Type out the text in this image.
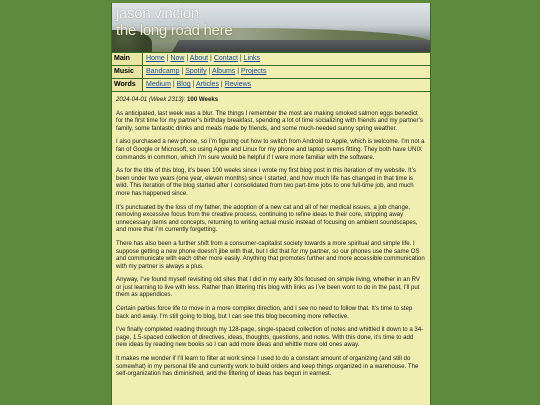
jason vincion
the long road here
Main	Home | Now | About | Contact | Links
Music	Bandcamp | Spotify | Albums | Projects
Words	Medium | Blog | Articles | Reviews

2024-04-01 (Week 2313): 100 Weeks

As anticipated, last week was a blur. The things I remember the most are making smoked salmon eggs benedict for the first time for my partner’s birthday breakfast, spending a lot of time socializing with friends and my partner’s family, some fantastic drinks and meals made by friends, and some much-needed sunny spring weather.

I also purchased a new phone, so I’m figuring out how to switch from Android to Apple, which is welcome. I’m not a fan of Google or Microsoft, so using Apple and Linux for my phone and laptop seems fitting. They both have UNIX commands in common, which I’m sure would be helpful if I were more familiar with the software.

As for the title of this blog, it’s been 100 weeks since I wrote my first blog post in this iteration of my website. It’s been under two years (one year, eleven months) since I started, and how much life has changed in that time is wild. This iteration of the blog started after I consolidated from two part-time jobs to one full-time job, and much more has happened since.

It’s punctuated by the loss of my father, the adoption of a new cat and all of her medical issues, a job change, removing excessive focus from the creative process, continuing to refine ideas to their core, stripping away unnecessary items and concepts, returning to writing actual music instead of focusing on ambient soundscapes, and more that I’m currently forgetting.

There has also been a further shift from a consumer-capitalist society towards a more spiritual and simple life. I suppose getting a new phone doesn’t jibe with that, but I did that for my partner, so our phones use the same OS and communicate with each other more easily. Anything that promotes further and more accessible communication with my partner is always a plus.

Anyway, I’ve found myself revisiting old sites that I did in my early 30s focused on simple living, whether in an RV or just learning to live with less. Rather than littering this blog with links as I’ve been wont to do in the past, I’ll put them as appendices.

Certain parties force life to move in a more complex direction, and I see no need to follow that. It’s time to step back and away. I’m still going to blog, but I can see this blog becoming more reflective.

I’ve finally completed reading through my 128-page, single-spaced collection of notes and whittled it down to a 34-page, 1.5-spaced collection of directives, ideas, thoughts, questions, and notes. With this done, it’s time to add new ideas by reading new books so I can add more ideas and whittle more old ones away.

It makes me wonder if I’ll learn to filter at work since I used to do a constant amount of organizing (and still do somewhat) in my personal life and currently work to build orders and keep things organized in a warehouse. The self-organization has diminished, and the filtering of ideas has begun in earnest.
